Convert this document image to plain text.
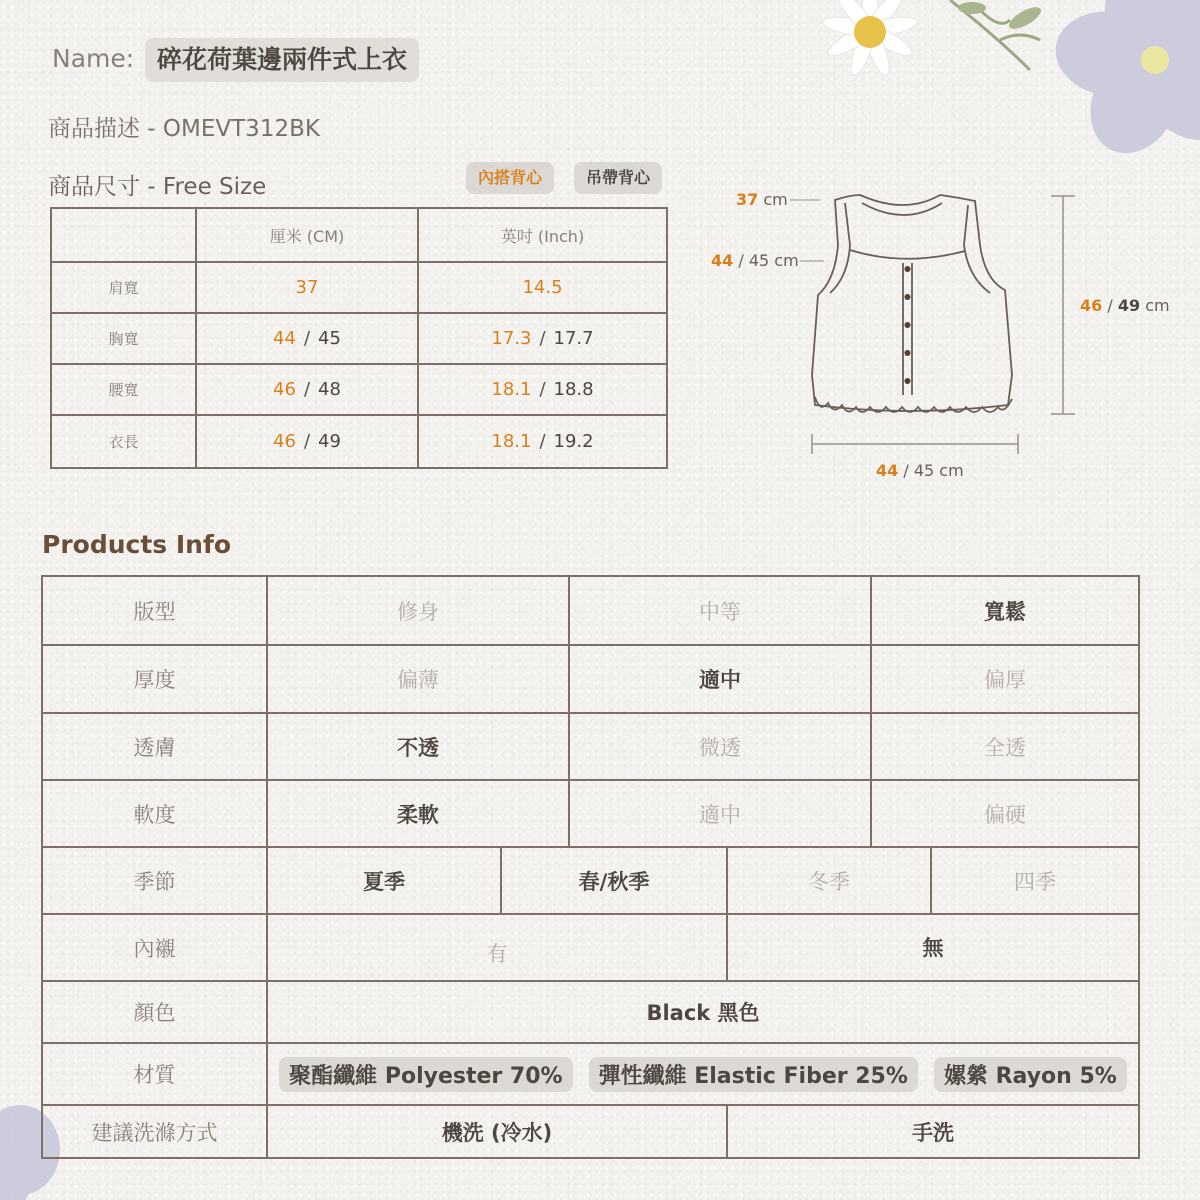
Name: 碎花荷葉邊兩件式上衣
商品描述 - OMEVT312BK
商品尺寸 - Free Size	內搭背心	吊帶背心
厘米 (CM)	英吋 (Inch)
肩寬	37	14.5
胸寬	44 / 45	17.3 / 17.7
腰寬	46 / 48	18.1 / 18.8
衣長	46 / 49	18.1 / 19.2
37 cm
44 / 45 cm
46 / 49 cm
44 / 45 cm
Products Info
版型	修身	中等	寬鬆
厚度	偏薄	適中	偏厚
透膚	不透	微透	全透
軟度	柔軟	適中	偏硬
季節	夏季	春/秋季	冬季	四季
內襯	有	無
顏色	Black 黑色
材質	聚酯纖維 Polyester 70%	彈性纖維 Elastic Fiber 25%	嫘縈 Rayon 5%
建議洗滌方式	機洗 (冷水)	手洗
